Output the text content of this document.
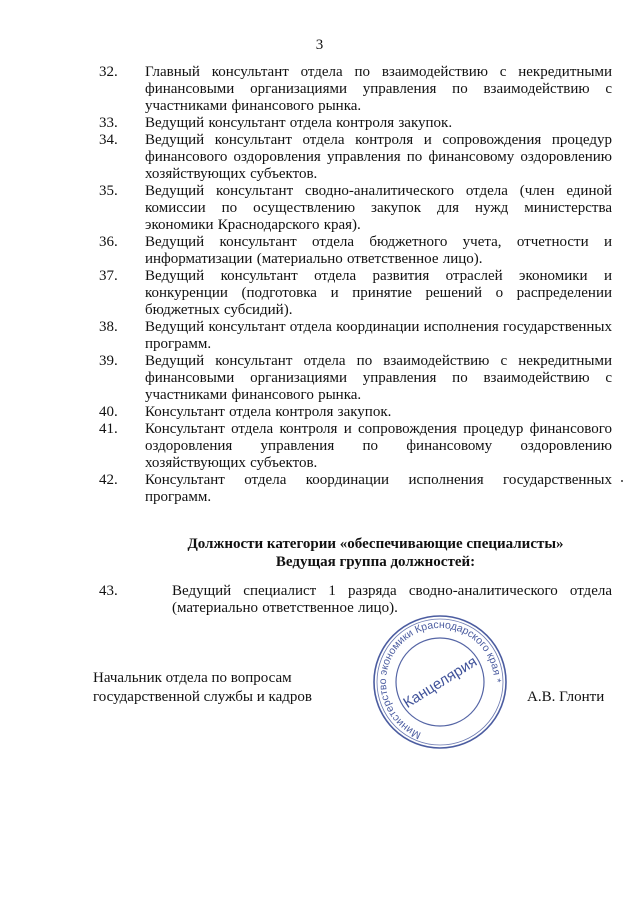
3
32.	Главный консультант отдела по взаимодействию с некредитными финансовыми организациями управления по взаимодействию с участниками финансового рынка.
33.	Ведущий консультант отдела контроля закупок.
34.	Ведущий консультант отдела контроля и сопровождения процедур финансового оздоровления управления по финансовому оздоровлению хозяйствующих субъектов.
35.	Ведущий консультант сводно-аналитического отдела (член единой комиссии по осуществлению закупок для нужд министерства экономики Краснодарского края).
36.	Ведущий консультант отдела бюджетного учета, отчетности и информатизации (материально ответственное лицо).
37.	Ведущий консультант отдела развития отраслей экономики и конкуренции (подготовка и принятие решений о распределении бюджетных субсидий).
38.	Ведущий консультант отдела координации исполнения государственных программ.
39.	Ведущий консультант отдела по взаимодействию с некредитными финансовыми организациями управления по взаимодействию с участниками финансового рынка.
40.	Консультант отдела контроля закупок.
41.	Консультант отдела контроля и сопровождения процедур финансового оздоровления управления по финансовому оздоровлению хозяйствующих субъектов.
42.	Консультант отдела координации исполнения государственных программ.
Должности категории «обеспечивающие специалисты»
Ведущая группа должностей:
43.	Ведущий специалист 1 разряда сводно-аналитического отдела (материально ответственное лицо).
Начальник отдела по вопросам
государственной службы и кадров	А.В. Глонти
Министерство экономики Краснодарского края *
Канцелярия
